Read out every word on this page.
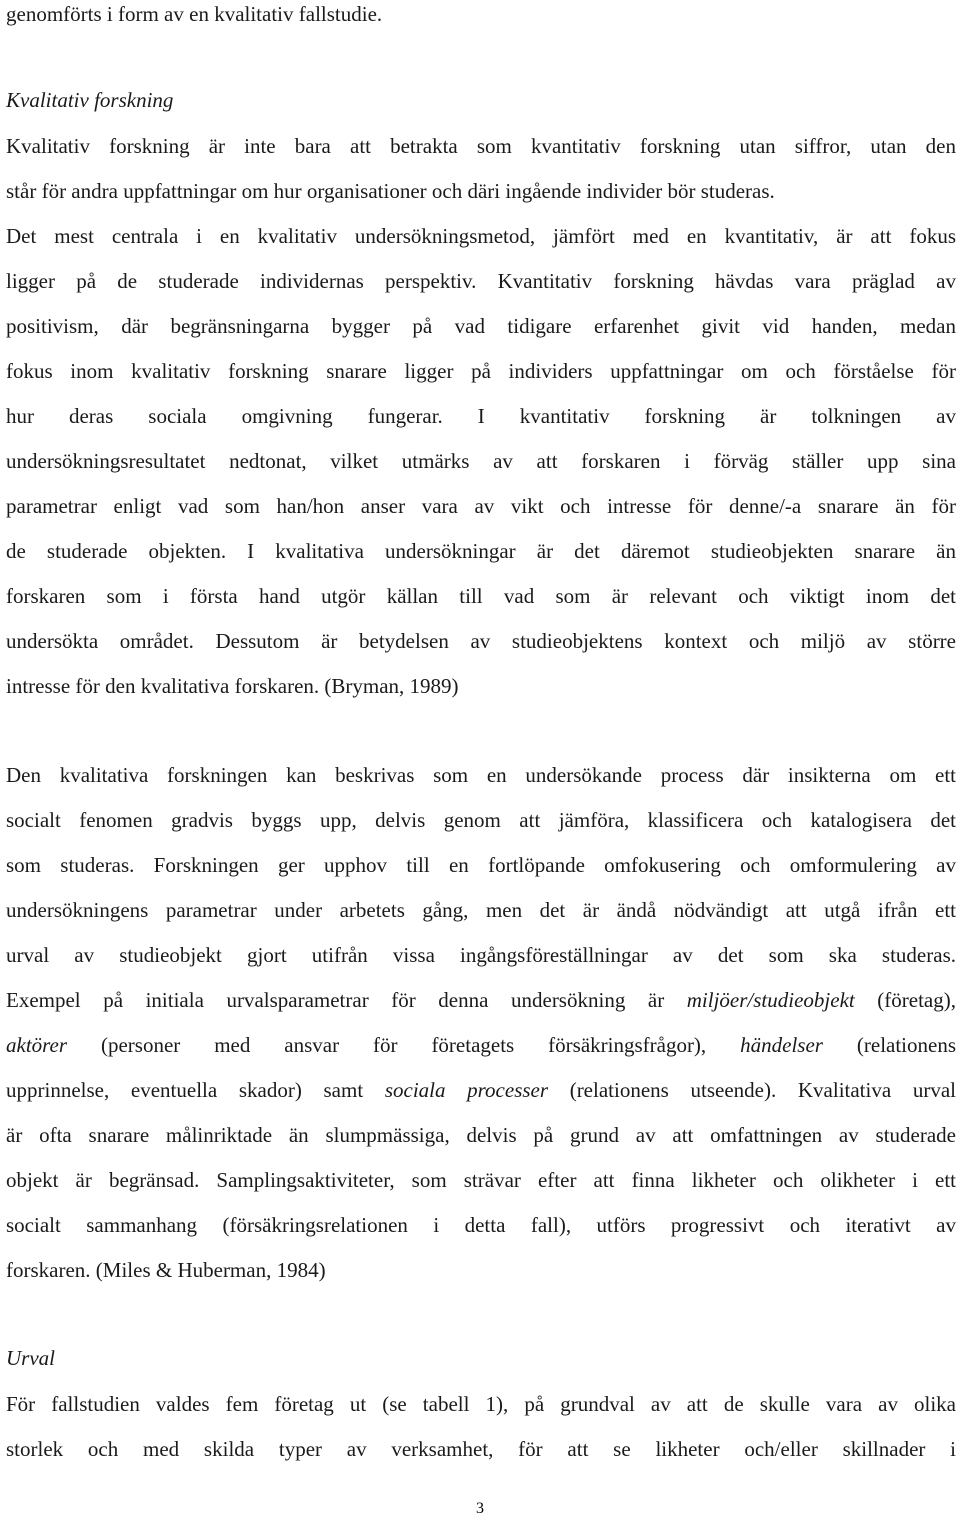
genomförts i form av en kvalitativ fallstudie.
Kvalitativ forskning
Kvalitativ forskning är inte bara att betrakta som kvantitativ forskning utan siffror, utan den
står för andra uppfattningar om hur organisationer och däri ingående individer bör studeras.
Det mest centrala i en kvalitativ undersökningsmetod, jämfört med en kvantitativ, är att fokus
ligger på de studerade individernas perspektiv. Kvantitativ forskning hävdas vara präglad av
positivism, där begränsningarna bygger på vad tidigare erfarenhet givit vid handen, medan
fokus inom kvalitativ forskning snarare ligger på individers uppfattningar om och förståelse för
hur deras sociala omgivning fungerar. I kvantitativ forskning är tolkningen av
undersökningsresultatet nedtonat, vilket utmärks av att forskaren i förväg ställer upp sina
parametrar enligt vad som han/hon anser vara av vikt och intresse för denne/-a snarare än för
de studerade objekten. I kvalitativa undersökningar är det däremot studieobjekten snarare än
forskaren som i första hand utgör källan till vad som är relevant och viktigt inom det
undersökta området. Dessutom är betydelsen av studieobjektens kontext och miljö av större
intresse för den kvalitativa forskaren. (Bryman, 1989)
Den kvalitativa forskningen kan beskrivas som en undersökande process där insikterna om ett
socialt fenomen gradvis byggs upp, delvis genom att jämföra, klassificera och katalogisera det
som studeras. Forskningen ger upphov till en fortlöpande omfokusering och omformulering av
undersökningens parametrar under arbetets gång, men det är ändå nödvändigt att utgå ifrån ett
urval av studieobjekt gjort utifrån vissa ingångsföreställningar av det som ska studeras.
Exempel på initiala urvalsparametrar för denna undersökning är miljöer/studieobjekt (företag),
aktörer (personer med ansvar för företagets försäkringsfrågor), händelser (relationens
upprinnelse, eventuella skador) samt sociala processer (relationens utseende). Kvalitativa urval
är ofta snarare målinriktade än slumpmässiga, delvis på grund av att omfattningen av studerade
objekt är begränsad. Samplingsaktiviteter, som strävar efter att finna likheter och olikheter i ett
socialt sammanhang (försäkringsrelationen i detta fall), utförs progressivt och iterativt av
forskaren. (Miles & Huberman, 1984)
Urval
För fallstudien valdes fem företag ut (se tabell 1), på grundval av att de skulle vara av olika
storlek och med skilda typer av verksamhet, för att se likheter och/eller skillnader i
3
